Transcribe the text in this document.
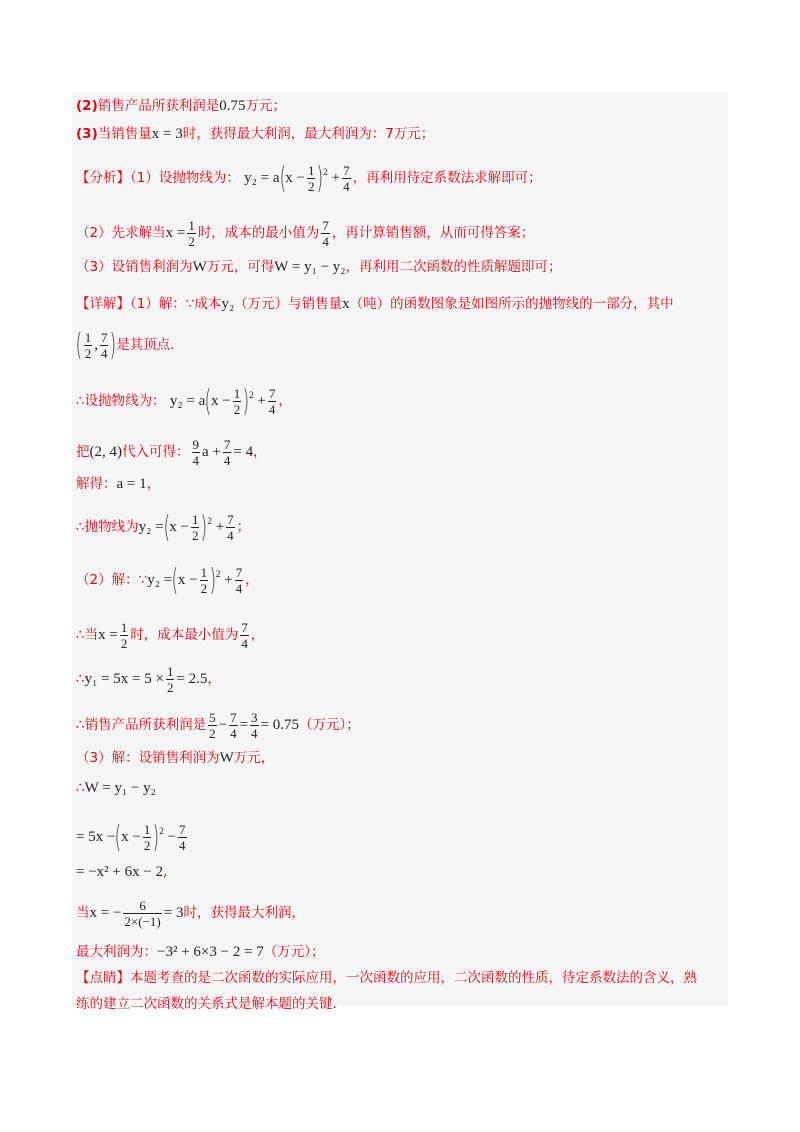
(2)销售产品所获利润是0.75万元；
(3)当销售量x = 3时，获得最大利润，最大利润为：7万元；
【分析】（1）设抛物线为： $y_2 = a(x - \frac{1}{2} )^2 + \frac{7}{4}$ ，再利用待定系数法求解即可；
（2）先求解当$x = \frac{1}{2}$ 时，成本的最小值为 $\frac{7}{4}$ ，再计算销售额，从而可得答案；
（3）设销售利润为W万元，可得W = y₁ − y₂，再利用二次函数的性质解题即可；
【详解】（1）解：∵成本y₂（万元）与销售量x（吨）的函数图象是如图所示的抛物线的一部分，其中
( $\frac{1}{2}$ , $\frac{7}{4}$ )是其顶点．
∴设抛物线为： $y_2 = a(x - \frac{1}{2} )^2 + \frac{7}{4}$ ，
把(2, 4)代入可得： $\frac{9}{4}$ $a + \frac{7}{4} = 4$，
解得：a = 1，
∴抛物线为$y_2 =(x - \frac{1}{2} )^2 + \frac{7}{4}$ ；
（2）解：∵y₂ $=(x - \frac{1}{2} )^2 + \frac{7}{4}$ ，
∴当$x = \frac{1}{2}$ 时，成本最小值为 $\frac{7}{4}$ ，
∴y₁ = $5x = 5 \times \frac{1}{2} = 2.5$，
∴销售产品所获利润是 $\frac{5}{2} - \frac{7}{4} = \frac{3}{4} = 0.75$（万元）；
（3）解：设销售利润为W万元，
∴W = y₁ − y₂
= $5x -(x - \frac{1}{2} )^2 - \frac{7}{4}$
= −x² + 6x − 2,
当x = − $\frac{6}{2\times(-1)} = 3$时，获得最大利润，
最大利润为：−3² + 6×3 − 2 = 7（万元）；
【点睛】本题考查的是二次函数的实际应用，一次函数的应用，二次函数的性质，待定系数法的含义，熟
练的建立二次函数的关系式是解本题的关键．
